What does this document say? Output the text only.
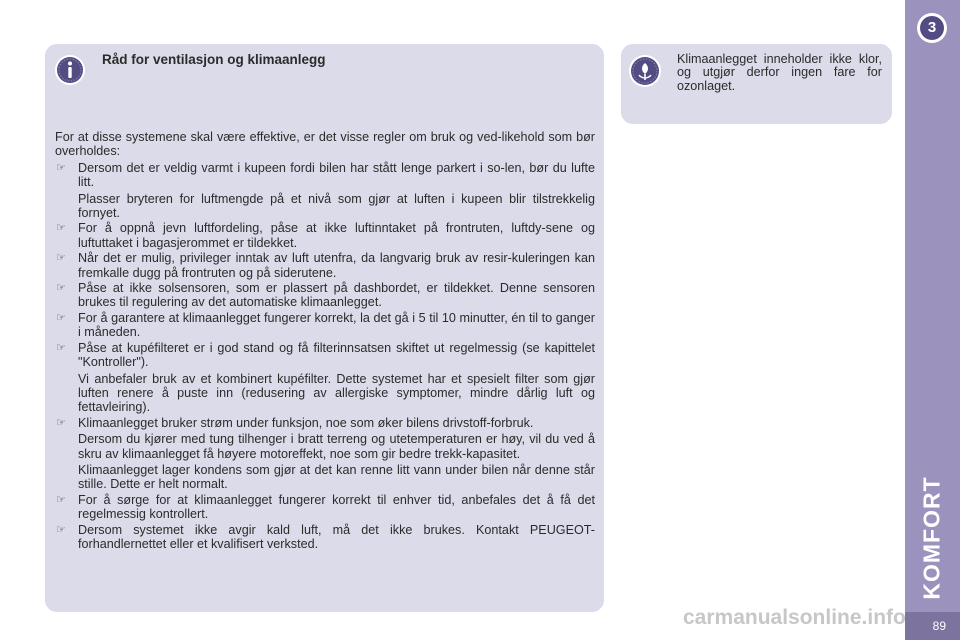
Råd for ventilasjon og klimaanlegg

For at disse systemene skal være effektive, er det visse regler om bruk og ved-likehold som bør overholdes:

☞ Dersom det er veldig varmt i kupeen fordi bilen har stått lenge parkert i so-len, bør du lufte litt.
Plasser bryteren for luftmengde på et nivå som gjør at luften i kupeen blir tilstrekkelig fornyet.
☞ For å oppnå jevn luftfordeling, påse at ikke luftinntaket på frontruten, luftdy-sene og luftuttaket i bagasjerommet er tildekket.
☞ Når det er mulig, privileger inntak av luft utenfra, da langvarig bruk av resir-kuleringen kan fremkalle dugg på frontruten og på siderutene.
☞ Påse at ikke solsensoren, som er plassert på dashbordet, er tildekket. Denne sensoren brukes til regulering av det automatiske klimaanlegget.
☞ For å garantere at klimaanlegget fungerer korrekt, la det gå i 5 til 10 minutter, én til to ganger i måneden.
☞ Påse at kupéfilteret er i god stand og få filterinnsatsen skiftet ut regelmessig (se kapittelet "Kontroller").
Vi anbefaler bruk av et kombinert kupéfilter. Dette systemet har et spesielt filter som gjør luften renere å puste inn (redusering av allergiske symptomer, mindre dårlig luft og fettavleiring).
☞ Klimaanlegget bruker strøm under funksjon, noe som øker bilens drivstoff-forbruk.
Dersom du kjører med tung tilhenger i bratt terreng og utetemperaturen er høy, vil du ved å skru av klimaanlegget få høyere motoreffekt, noe som gir bedre trekk-kapasitet.
Klimaanlegget lager kondens som gjør at det kan renne litt vann under bilen når denne står stille. Dette er helt normalt.
☞ For å sørge for at klimaanlegget fungerer korrekt til enhver tid, anbefales det å få det regelmessig kontrollert.
☞ Dersom systemet ikke avgir kald luft, må det ikke brukes. Kontakt PEUGEOT-forhandlernettet eller et kvalifisert verksted.
Klimaanlegget inneholder ikke klor, og utgjør derfor ingen fare for ozonlaget.
3
KOMFORT
89
carmanualsonline.info
